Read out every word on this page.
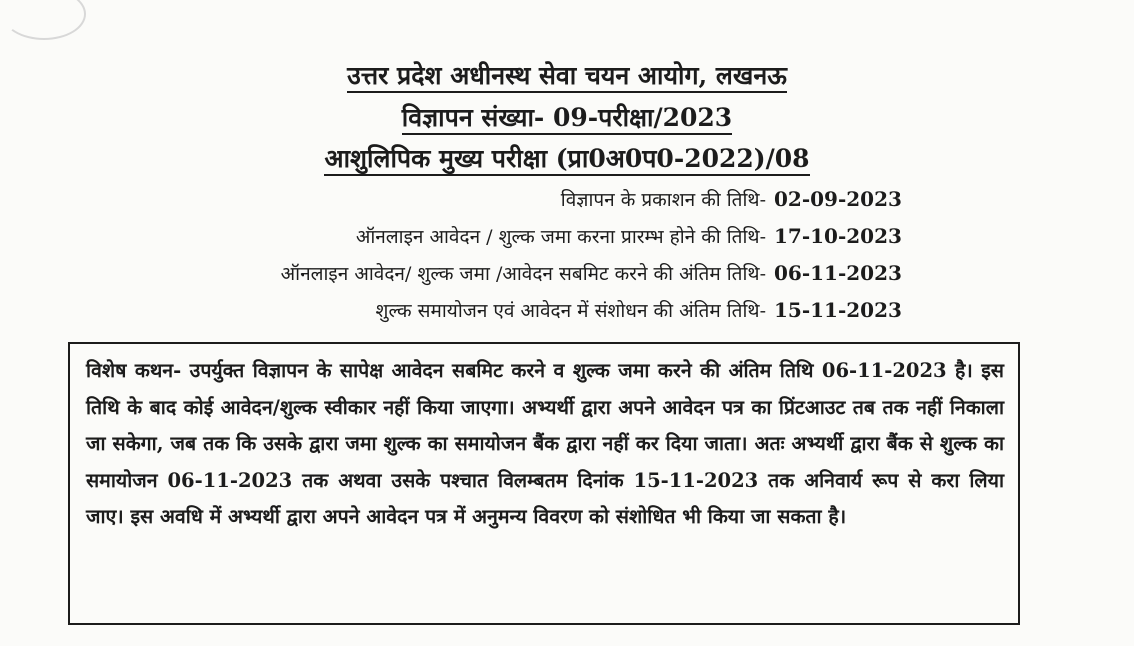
उत्तर प्रदेश अधीनस्थ सेवा चयन आयोग, लखनऊ
विज्ञापन संख्या- 09-परीक्षा/2023
आशुलिपिक मुख्य परीक्षा (प्रा0अ0प0-2022)/08
विज्ञापन के प्रकाशन की तिथि- 02-09-2023
ऑनलाइन आवेदन / शुल्क जमा करना प्रारम्भ होने की तिथि- 17-10-2023
ऑनलाइन आवेदन/ शुल्क जमा /आवेदन सबमिट करने की अंतिम तिथि- 06-11-2023
शुल्क समायोजन एवं आवेदन में संशोधन की अंतिम तिथि- 15-11-2023

विशेष कथन- उपर्युक्त विज्ञापन के सापेक्ष आवेदन सबमिट करने व शुल्क जमा करने की अंतिम तिथि 06-11-2023 है। इस तिथि के बाद कोई आवेदन/शुल्क स्वीकार नहीं किया जाएगा। अभ्यर्थी द्वारा अपने आवेदन पत्र का प्रिंटआउट तब तक नहीं निकाला जा सकेगा, जब तक कि उसके द्वारा जमा शुल्क का समायोजन बैंक द्वारा नहीं कर दिया जाता। अतः अभ्यर्थी द्वारा बैंक से शुल्क का समायोजन 06-11-2023 तक अथवा उसके पश्चात विलम्बतम दिनांक 15-11-2023 तक अनिवार्य रूप से करा लिया जाए। इस अवधि में अभ्यर्थी द्वारा अपने आवेदन पत्र में अनुमन्य विवरण को संशोधित भी किया जा सकता है।
